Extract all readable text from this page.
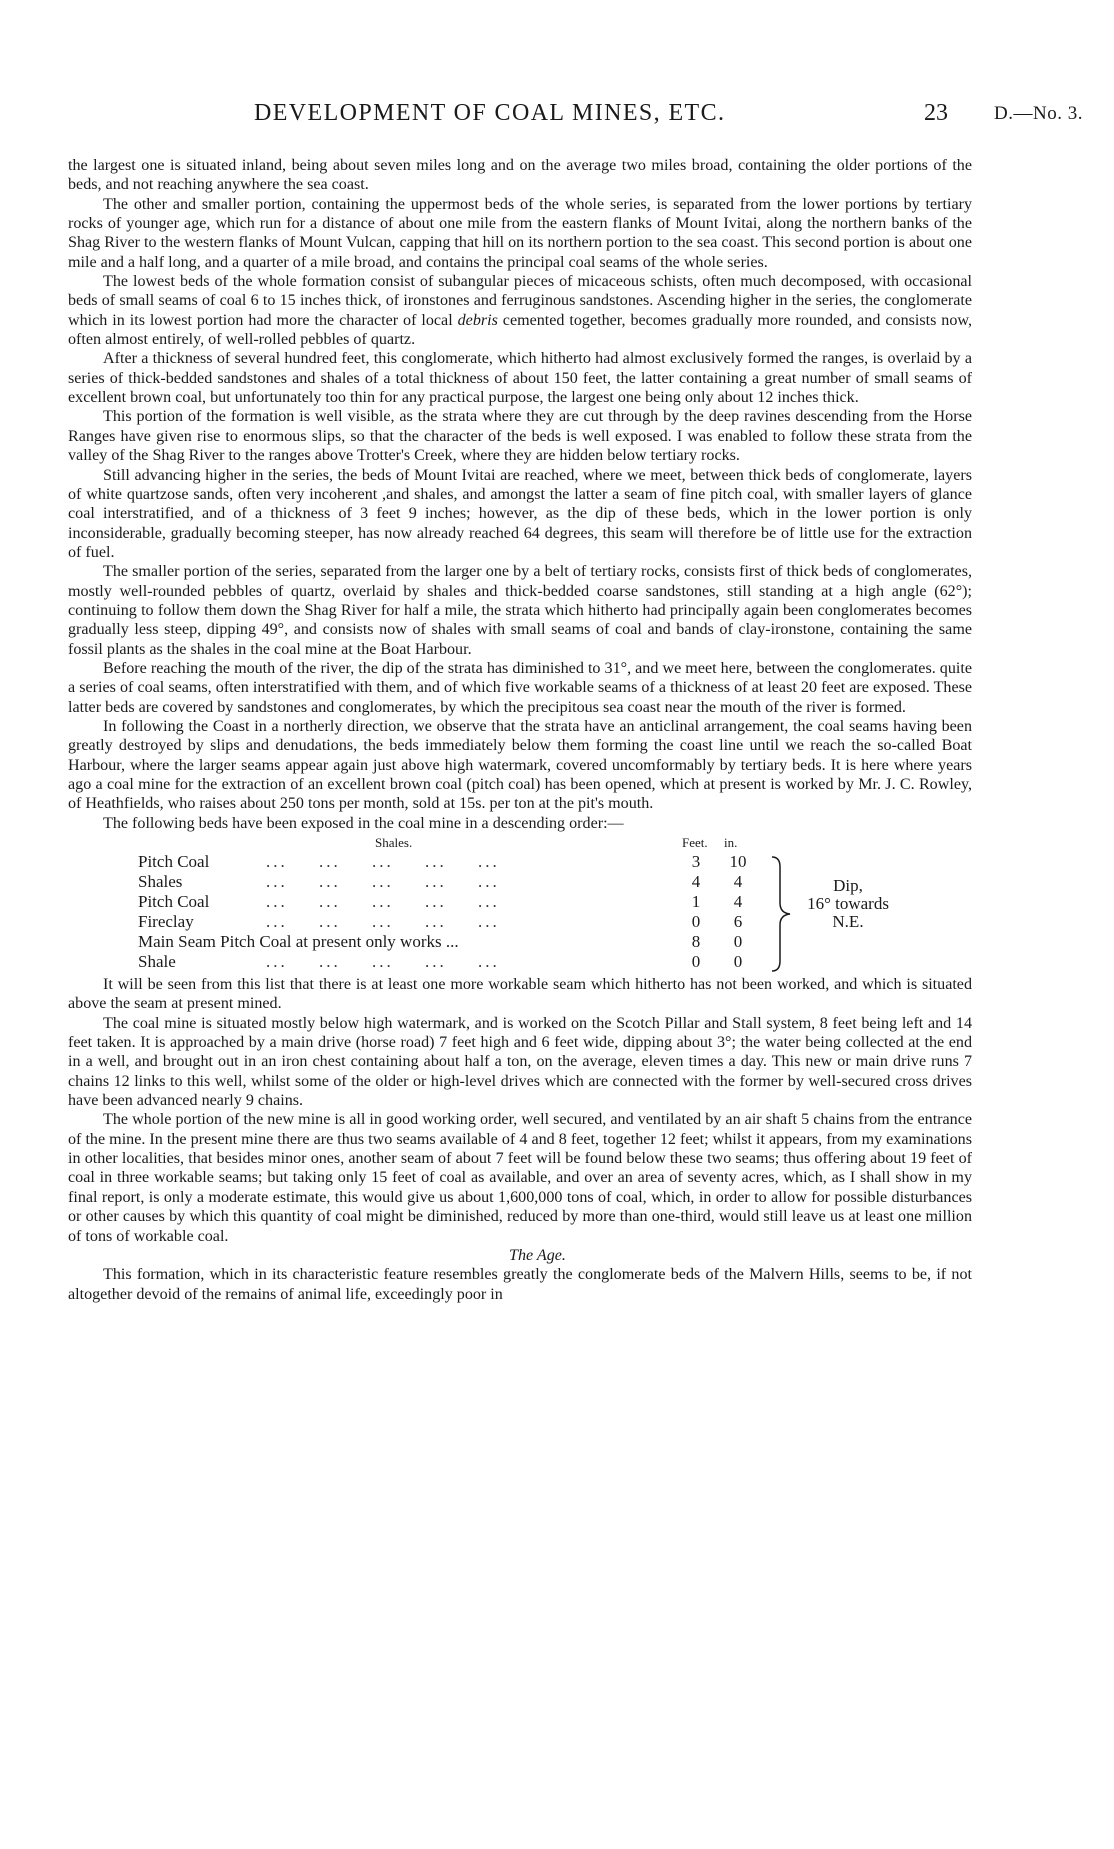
DEVELOPMENT OF COAL MINES, ETC.	23 D.—No. 3.

the largest one is situated inland, being about seven miles long and on the average two miles broad, containing the older portions of the beds, and not reaching anywhere the sea coast.

The other and smaller portion, containing the uppermost beds of the whole series, is separated from the lower portions by tertiary rocks of younger age, which run for a distance of about one mile from the eastern flanks of Mount Ivitai, along the northern banks of the Shag River to the western flanks of Mount Vulcan, capping that hill on its northern portion to the sea coast. This second portion is about one mile and a half long, and a quarter of a mile broad, and contains the principal coal seams of the whole series.

The lowest beds of the whole formation consist of subangular pieces of micaceous schists, often much decomposed, with occasional beds of small seams of coal 6 to 15 inches thick, of ironstones and ferruginous sandstones. Ascending higher in the series, the conglomerate which in its lowest portion had more the character of local debris cemented together, becomes gradually more rounded, and consists now, often almost entirely, of well-rolled pebbles of quartz.

After a thickness of several hundred feet, this conglomerate, which hitherto had almost exclusively formed the ranges, is overlaid by a series of thick-bedded sandstones and shales of a total thickness of about 150 feet, the latter containing a great number of small seams of excellent brown coal, but unfortunately too thin for any practical purpose, the largest one being only about 12 inches thick.

This portion of the formation is well visible, as the strata where they are cut through by the deep ravines descending from the Horse Ranges have given rise to enormous slips, so that the character of the beds is well exposed. I was enabled to follow these strata from the valley of the Shag River to the ranges above Trotter's Creek, where they are hidden below tertiary rocks.

Still advancing higher in the series, the beds of Mount Ivitai are reached, where we meet, between thick beds of conglomerate, layers of white quartzose sands, often very incoherent ,and shales, and amongst the latter a seam of fine pitch coal, with smaller layers of glance coal interstratified, and of a thickness of 3 feet 9 inches; however, as the dip of these beds, which in the lower portion is only inconsiderable, gradually becoming steeper, has now already reached 64 degrees, this seam will therefore be of little use for the extraction of fuel.

The smaller portion of the series, separated from the larger one by a belt of tertiary rocks, consists first of thick beds of conglomerates, mostly well-rounded pebbles of quartz, overlaid by shales and thick-bedded coarse sandstones, still standing at a high angle (62°); continuing to follow them down the Shag River for half a mile, the strata which hitherto had principally again been conglomerates becomes gradually less steep, dipping 49°, and consists now of shales with small seams of coal and bands of clay-ironstone, containing the same fossil plants as the shales in the coal mine at the Boat Harbour.

Before reaching the mouth of the river, the dip of the strata has diminished to 31°, and we meet here, between the conglomerates. quite a series of coal seams, often interstratified with them, and of which five workable seams of a thickness of at least 20 feet are exposed. These latter beds are covered by sandstones and conglomerates, by which the precipitous sea coast near the mouth of the river is formed.

In following the Coast in a northerly direction, we observe that the strata have an anticlinal arrangement, the coal seams having been greatly destroyed by slips and denudations, the beds immediately below them forming the coast line until we reach the so-called Boat Harbour, where the larger seams appear again just above high watermark, covered uncomformably by tertiary beds. It is here where years ago a coal mine for the extraction of an excellent brown coal (pitch coal) has been opened, which at present is worked by Mr. J. C. Rowley, of Heathfields, who raises about 250 tons per month, sold at 15s. per ton at the pit's mouth.

The following beds have been exposed in the coal mine in a descending order:—

Shales.	Feet. in.
Pitch Coal	... ... ... ... ...	3	10
Shales	... ... ... ... ...	4	4
Pitch Coal	... ... ... ... ...	1	4
Fireclay	... ... ... ... ...	0	6
Main Seam Pitch Coal at present only works ...	8	0
Shale	... ... ... ... ...	0	0
Dip,
16° towards
N.E.

It will be seen from this list that there is at least one more workable seam which hitherto has not been worked, and which is situated above the seam at present mined.

The coal mine is situated mostly below high watermark, and is worked on the Scotch Pillar and Stall system, 8 feet being left and 14 feet taken. It is approached by a main drive (horse road) 7 feet high and 6 feet wide, dipping about 3°; the water being collected at the end in a well, and brought out in an iron chest containing about half a ton, on the average, eleven times a day. This new or main drive runs 7 chains 12 links to this well, whilst some of the older or high-level drives which are connected with the former by well-secured cross drives have been advanced nearly 9 chains.

The whole portion of the new mine is all in good working order, well secured, and ventilated by an air shaft 5 chains from the entrance of the mine. In the present mine there are thus two seams available of 4 and 8 feet, together 12 feet; whilst it appears, from my examinations in other localities, that besides minor ones, another seam of about 7 feet will be found below these two seams; thus offering about 19 feet of coal in three workable seams; but taking only 15 feet of coal as available, and over an area of seventy acres, which, as I shall show in my final report, is only a moderate estimate, this would give us about 1,600,000 tons of coal, which, in order to allow for possible disturbances or other causes by which this quantity of coal might be diminished, reduced by more than one-third, would still leave us at least one million of tons of workable coal.

The Age.

This formation, which in its characteristic feature resembles greatly the conglomerate beds of the Malvern Hills, seems to be, if not altogether devoid of the remains of animal life, exceedingly poor in
